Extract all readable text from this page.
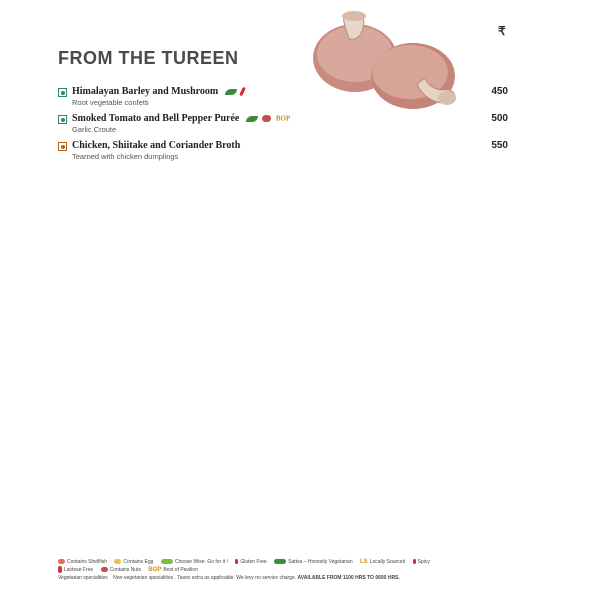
₹
FROM THE TUREEN
Himalayan Barley and Mushroom
Root vegetable confetti
450
Smoked Tomato and Bell Pepper Purée	BOP
Garlic Croute
500
Chicken, Shiitake and Coriander Broth
Tearned with chicken dumplings
550
Contains Shellfish	Contains Egg	Choose Wise. Go for it ! Gluten Free	Sattva – Honestly Vegetarian LS Locally Sourced Spicy
Lactose Free	Contains Nuts BOP Best of Pavilion
Vegetarian specialities Non-vegetarian specialities . Taxes extra as applicable. We levy no service charge. AVAILABLE FROM 1100 HRS TO 0600 HRS.
